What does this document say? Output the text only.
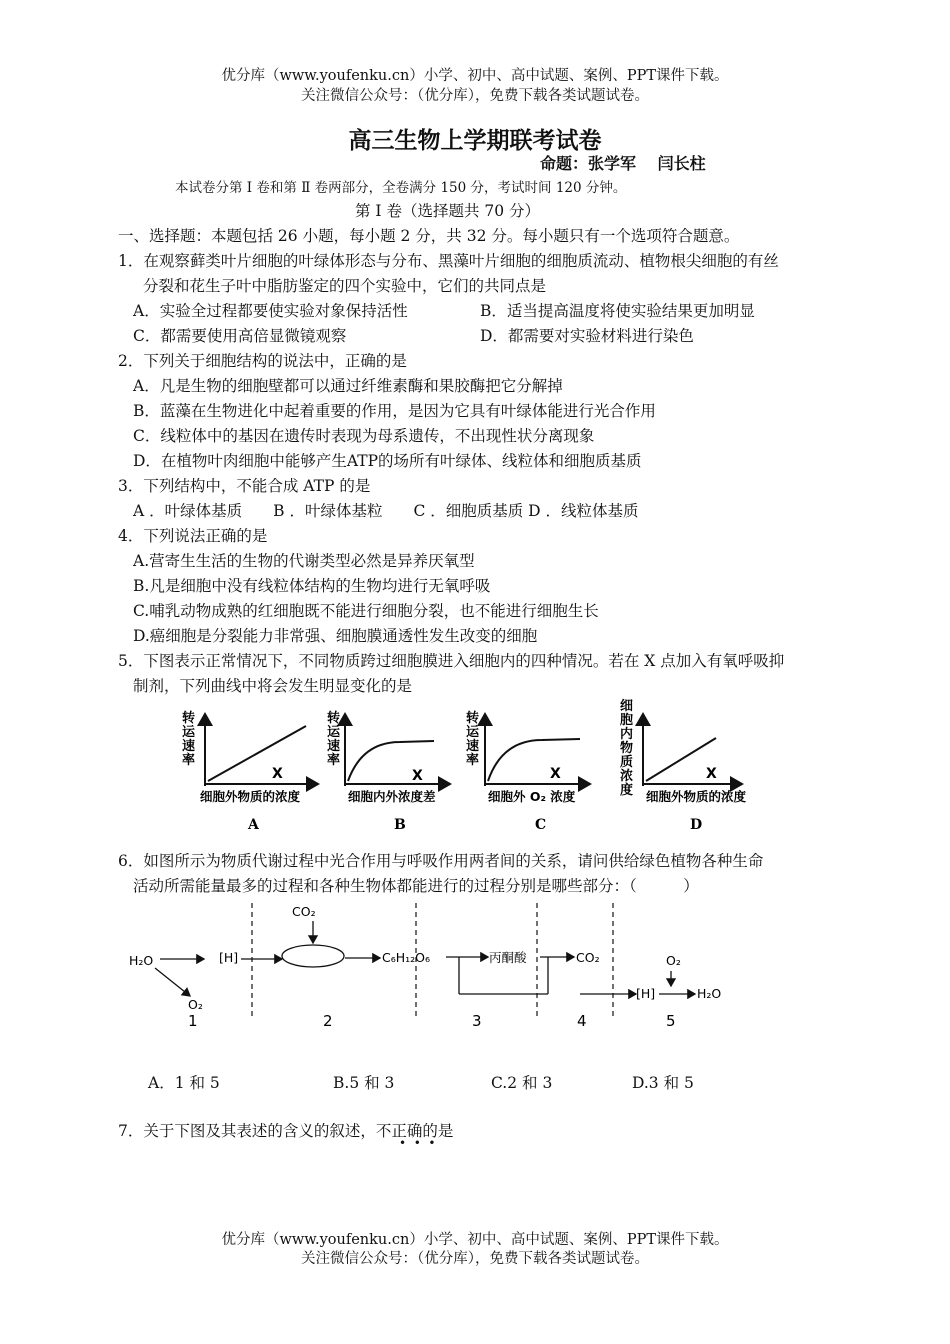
优分库（www.youfenku.cn）小学、初中、高中试题、案例、PPT课件下载。
关注微信公众号：（优分库），免费下载各类试题试卷。
高三生物上学期联考试卷
命题：张学军　 闫长柱
本试卷分第 Ⅰ 卷和第 Ⅱ 卷两部分，全卷满分 150 分，考试时间 120 分钟。
第 Ⅰ 卷（选择题共 70 分）
一、选择题：本题包括 26 小题，每小题 2 分，共 32 分。每小题只有一个选项符合题意。
1．在观察藓类叶片细胞的叶绿体形态与分布、黑藻叶片细胞的细胞质流动、植物根尖细胞的有丝
分裂和花生子叶中脂肪鉴定的四个实验中，它们的共同点是
A．实验全过程都要使实验对象保持活性	B．适当提高温度将使实验结果更加明显
C．都需要使用高倍显微镜观察	D．都需要对实验材料进行染色
2．下列关于细胞结构的说法中，正确的是
A．凡是生物的细胞壁都可以通过纤维素酶和果胶酶把它分解掉
B．蓝藻在生物进化中起着重要的作用，是因为它具有叶绿体能进行光合作用
C．线粒体中的基因在遗传时表现为母系遗传，不出现性状分离现象
D．在植物叶肉细胞中能够产生ATP的场所有叶绿体、线粒体和细胞质基质
3．下列结构中，不能合成 ATP 的是
A ．叶绿体基质　　B ．叶绿体基粒　　C ．细胞质基质 D ．线粒体基质
4．下列说法正确的是
A.营寄生生活的生物的代谢类型必然是异养厌氧型
B.凡是细胞中没有线粒体结构的生物均进行无氧呼吸
C.哺乳动物成熟的红细胞既不能进行细胞分裂，也不能进行细胞生长
D.癌细胞是分裂能力非常强、细胞膜通透性发生改变的细胞
5．下图表示正常情况下，不同物质跨过细胞膜进入细胞内的四种情况。若在 X 点加入有氧呼吸抑
制剂，下列曲线中将会发生明显变化的是
转运速率
X
细胞外物质的浓度
A
转运速率
X
细胞内外浓度差
B
转运速率
X
细胞外 O₂ 浓度
C
细胞内物质浓度
X
细胞外物质的浓度
D
6．如图所示为物质代谢过程中光合作用与呼吸作用两者间的关系，请问供给绿色植物各种生命
活动所需能量最多的过程和各种生物体都能进行的过程分别是哪些部分：（　　　）
H₂O
O₂
[H]
CO₂
C₆H₁₂O₆	丙酮酸	CO₂
[H]
O₂
H₂O
1	2	3	4	5
A．1 和 5	B.5 和 3	C.2 和 3	D.3 和 5
7．关于下图及其表述的含义的叙述，不正确的是
•  •  •
优分库（www.youfenku.cn）小学、初中、高中试题、案例、PPT课件下载。
关注微信公众号：（优分库），免费下载各类试题试卷。
